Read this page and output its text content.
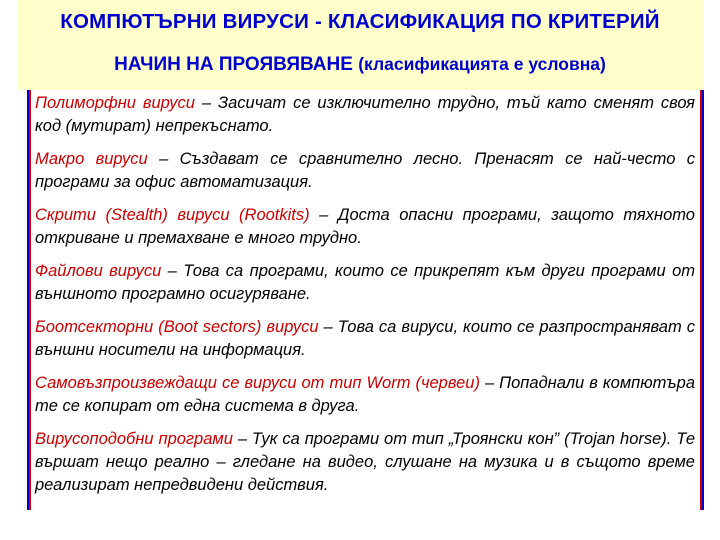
КОМПЮТЪРНИ ВИРУСИ - КЛАСИФИКАЦИЯ ПО КРИТЕРИЙ
НАЧИН НА ПРОЯВЯВАНЕ (класификацията е условна)

Полиморфни вируси – Засичат се изключително трудно, тъй като сменят своя код (мутират) непрекъснато.

Макро вируси – Създават се сравнително лесно. Пренасят се най-често с програми за офис автоматизация.

Скрити (Stealth) вируси (Rootkits) – Доста опасни програми, защото тяхното откриване и премахване е много трудно.

Файлови вируси – Това са програми, които се прикрепят към други програми от външното програмно осигуряване.

Боотсекторни (Boot sectors) вируси – Това са вируси, които се разпространяват с външни носители на информация.

Самовъзпроизвеждащи се вируси от тип Worm (червеи) – Попаднали в компютъра те се копират от една система в друга.

Вирусоподобни програми – Тук са програми от тип „Троянски кон” (Trojan horse). Те вършат нещо реално – гледане на видео, слушане на музика и в същото време реализират непредвидени действия.
